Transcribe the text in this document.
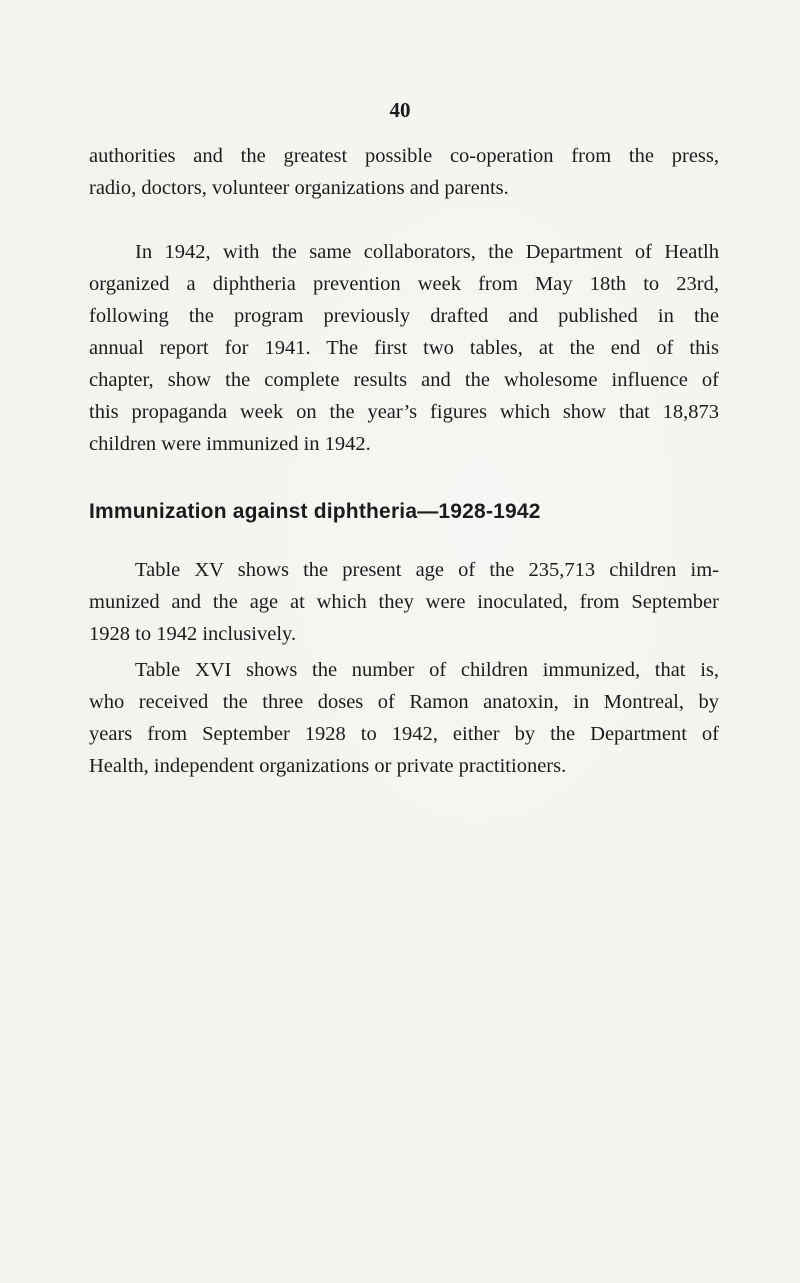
40

authorities and the greatest possible co-operation from the press,
radio, doctors, volunteer organizations and parents.

In 1942, with the same collaborators, the Department of Heatlh
organized a diphtheria prevention week from May 18th to 23rd,
following the program previously drafted and published in the
annual report for 1941. The first two tables, at the end of this
chapter, show the complete results and the wholesome influence of
this propaganda week on the year’s figures which show that 18,873
children were immunized in 1942.

Immunization against diphtheria—1928-1942

Table XV shows the present age of the 235,713 children im-
munized and the age at which they were inoculated, from September
1928 to 1942 inclusively.

Table XVI shows the number of children immunized, that is,
who received the three doses of Ramon anatoxin, in Montreal, by
years from September 1928 to 1942, either by the Department of
Health, independent organizations or private practitioners.
